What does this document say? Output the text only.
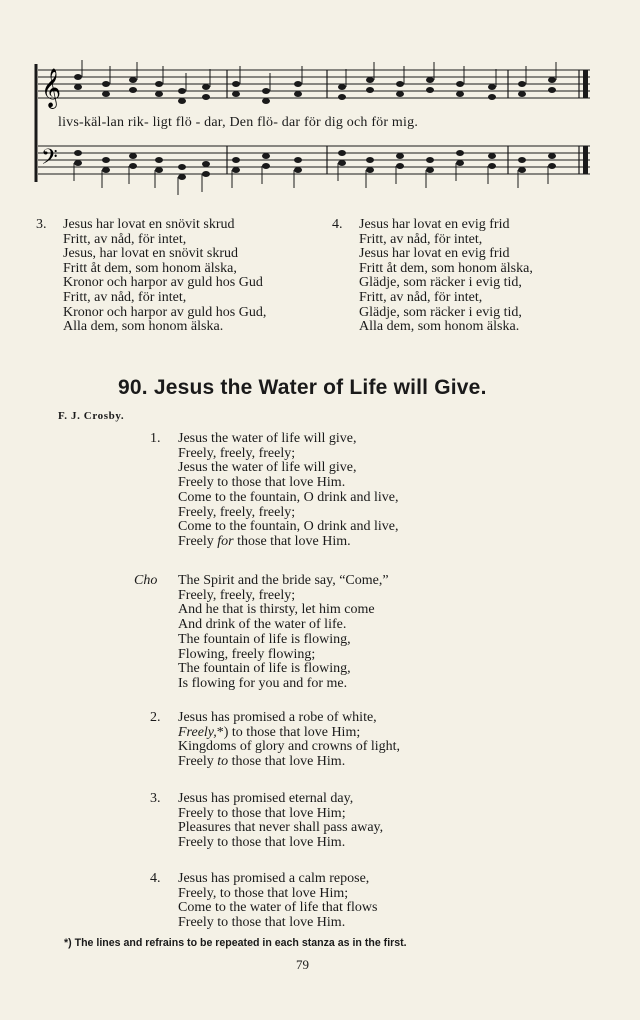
𝄞
𝄢
livs-käl-lan rik- ligt flö - dar, Den flö- dar för dig och för mig.
3. Jesus har lovat en snövit skrud
Fritt, av nåd, för intet,
Jesus, har lovat en snövit skrud
Fritt åt dem, som honom älska,
Kronor och harpor av guld hos Gud
Fritt, av nåd, för intet,
Kronor och harpor av guld hos Gud,
Alla dem, som honom älska.
4. Jesus har lovat en evig frid
Fritt, av nåd, för intet,
Jesus har lovat en evig frid
Fritt åt dem, som honom älska,
Glädje, som räcker i evig tid,
Fritt, av nåd, för intet,
Glädje, som räcker i evig tid,
Alla dem, som honom älska.
90. Jesus the Water of Life will Give.
F. J. Crosby.
1. Jesus the water of life will give,
Freely, freely, freely;
Jesus the water of life will give,
Freely to those that love Him.
Come to the fountain, O drink and live,
Freely, freely, freely;
Come to the fountain, O drink and live,
Freely for those that love Him.
Cho The Spirit and the bride say, “Come,”
Freely, freely, freely;
And he that is thirsty, let him come
And drink of the water of life.
The fountain of life is flowing,
Flowing, freely flowing;
The fountain of life is flowing,
Is flowing for you and for me.
2. Jesus has promised a robe of white,
Freely,*) to those that love Him;
Kingdoms of glory and crowns of light,
Freely to those that love Him.
3. Jesus has promised eternal day,
Freely to those that love Him;
Pleasures that never shall pass away,
Freely to those that love Him.
4. Jesus has promised a calm repose,
Freely, to those that love Him;
Come to the water of life that flows
Freely to those that love Him.
*) The lines and refrains to be repeated in each stanza as in the first.
79
